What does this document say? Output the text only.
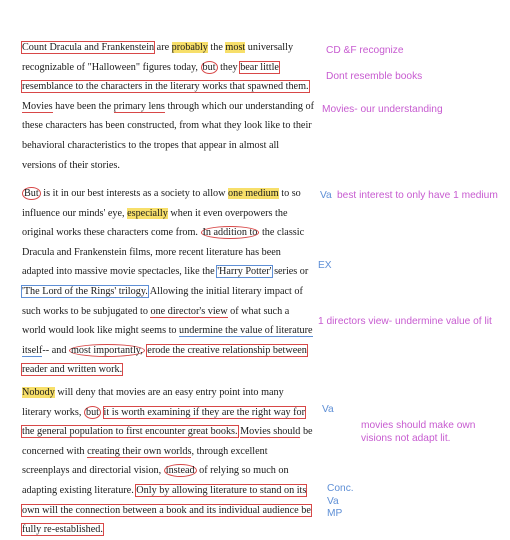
Count Dracula and Frankenstein are probably the most universally recognizable of "Halloween" figures today, but they bear little resemblance to the characters in the literary works that spawned them. Movies have been the primary lens through which our understanding of these characters has been constructed, from what they look like to their behavioral characteristics to the tropes that appear in almost all versions of their stories.

But is it in our best interests as a society to allow one medium to so influence our minds' eye, especially when it even overpowers the original works these characters come from. In addition to the classic Dracula and Frankenstein films, more recent literature has been adapted into massive movie spectacles, like the 'Harry Potter' series or 'The Lord of the Rings' trilogy. Allowing the initial literary impact of such works to be subjugated to one director's view of what such a world would look like might seems to undermine the value of literature itself-- and most importantly, erode the creative relationship between reader and written work.

Nobody will deny that movies are an easy entry point into many literary works, but it is worth examining if they are the right way for the general population to first encounter great books. Movies should be concerned with creating their own worlds, through excellent screenplays and directorial vision, instead of relying so much on adapting existing literature. Only by allowing literature to stand on its own will the connection between a book and its individual audience be fully re-established.

CD &F recognize
Dont resemble books
Movies- our understanding
Va best interest to only have 1 medium
EX
1 directors view- undermine value of lit
Va
movies should make own visions not adapt lit.
Conc.
Va
MP
